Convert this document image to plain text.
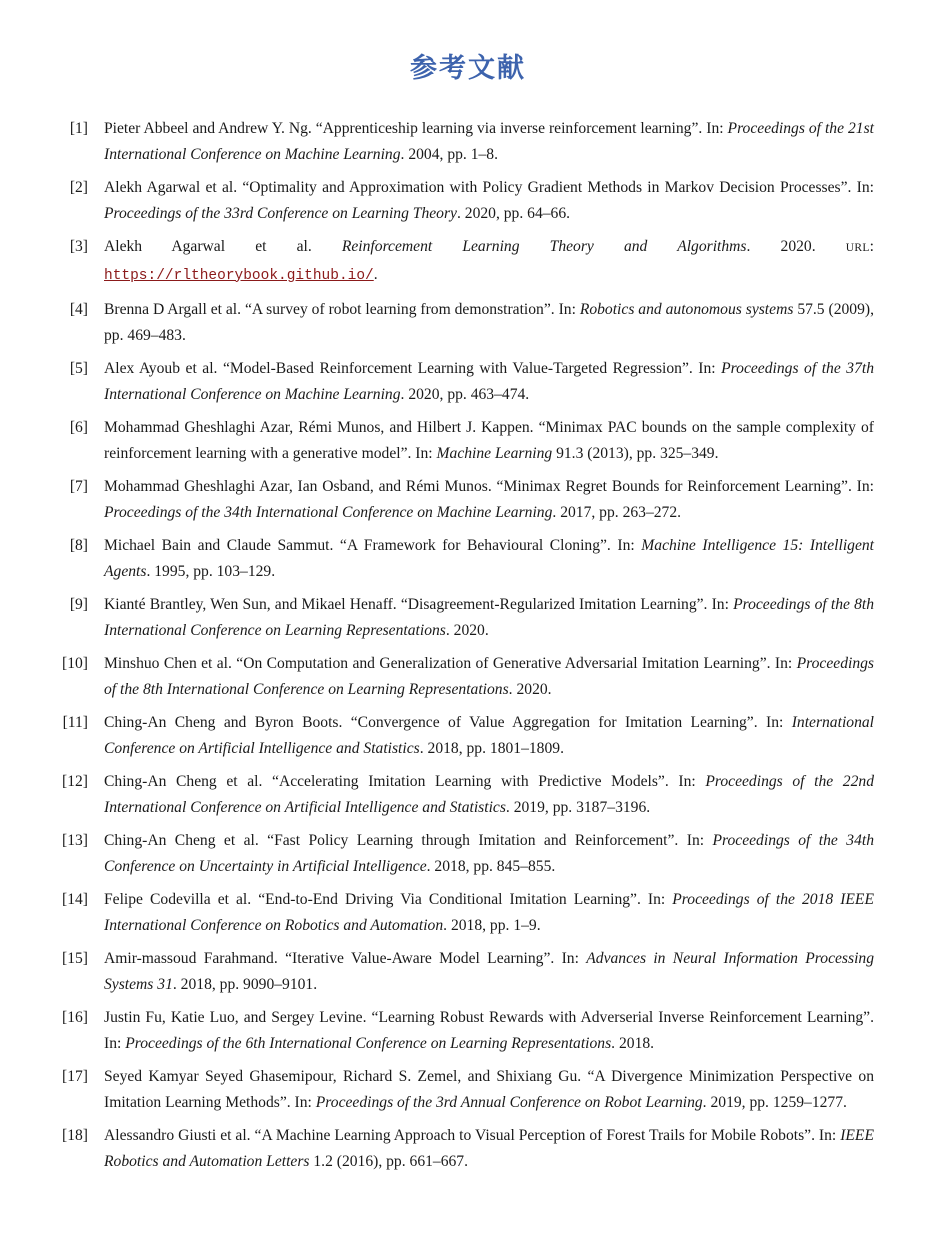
参考文献
[1] Pieter Abbeel and Andrew Y. Ng. “Apprenticeship learning via inverse reinforcement learning”. In: Proceedings of the 21st International Conference on Machine Learning. 2004, pp. 1–8.
[2] Alekh Agarwal et al. “Optimality and Approximation with Policy Gradient Methods in Markov Decision Processes”. In: Proceedings of the 33rd Conference on Learning Theory. 2020, pp. 64–66.
[3] Alekh Agarwal et al. Reinforcement Learning Theory and Algorithms. 2020. URL: https://rltheorybook.github.io/.
[4] Brenna D Argall et al. “A survey of robot learning from demonstration”. In: Robotics and autonomous systems 57.5 (2009), pp. 469–483.
[5] Alex Ayoub et al. “Model-Based Reinforcement Learning with Value-Targeted Regression”. In: Proceedings of the 37th International Conference on Machine Learning. 2020, pp. 463–474.
[6] Mohammad Gheshlaghi Azar, Rémi Munos, and Hilbert J. Kappen. “Minimax PAC bounds on the sample complexity of reinforcement learning with a generative model”. In: Machine Learning 91.3 (2013), pp. 325–349.
[7] Mohammad Gheshlaghi Azar, Ian Osband, and Rémi Munos. “Minimax Regret Bounds for Reinforcement Learning”. In: Proceedings of the 34th International Conference on Machine Learning. 2017, pp. 263–272.
[8] Michael Bain and Claude Sammut. “A Framework for Behavioural Cloning”. In: Machine Intelligence 15: Intelligent Agents. 1995, pp. 103–129.
[9] Kianté Brantley, Wen Sun, and Mikael Henaff. “Disagreement-Regularized Imitation Learning”. In: Proceedings of the 8th International Conference on Learning Representations. 2020.
[10] Minshuo Chen et al. “On Computation and Generalization of Generative Adversarial Imitation Learning”. In: Proceedings of the 8th International Conference on Learning Representations. 2020.
[11] Ching-An Cheng and Byron Boots. “Convergence of Value Aggregation for Imitation Learning”. In: International Conference on Artificial Intelligence and Statistics. 2018, pp. 1801–1809.
[12] Ching-An Cheng et al. “Accelerating Imitation Learning with Predictive Models”. In: Proceedings of the 22nd International Conference on Artificial Intelligence and Statistics. 2019, pp. 3187–3196.
[13] Ching-An Cheng et al. “Fast Policy Learning through Imitation and Reinforcement”. In: Proceedings of the 34th Conference on Uncertainty in Artificial Intelligence. 2018, pp. 845–855.
[14] Felipe Codevilla et al. “End-to-End Driving Via Conditional Imitation Learning”. In: Proceedings of the 2018 IEEE International Conference on Robotics and Automation. 2018, pp. 1–9.
[15] Amir-massoud Farahmand. “Iterative Value-Aware Model Learning”. In: Advances in Neural Information Processing Systems 31. 2018, pp. 9090–9101.
[16] Justin Fu, Katie Luo, and Sergey Levine. “Learning Robust Rewards with Adverserial Inverse Reinforcement Learning”. In: Proceedings of the 6th International Conference on Learning Representations. 2018.
[17] Seyed Kamyar Seyed Ghasemipour, Richard S. Zemel, and Shixiang Gu. “A Divergence Minimization Perspective on Imitation Learning Methods”. In: Proceedings of the 3rd Annual Conference on Robot Learning. 2019, pp. 1259–1277.
[18] Alessandro Giusti et al. “A Machine Learning Approach to Visual Perception of Forest Trails for Mobile Robots”. In: IEEE Robotics and Automation Letters 1.2 (2016), pp. 661–667.
